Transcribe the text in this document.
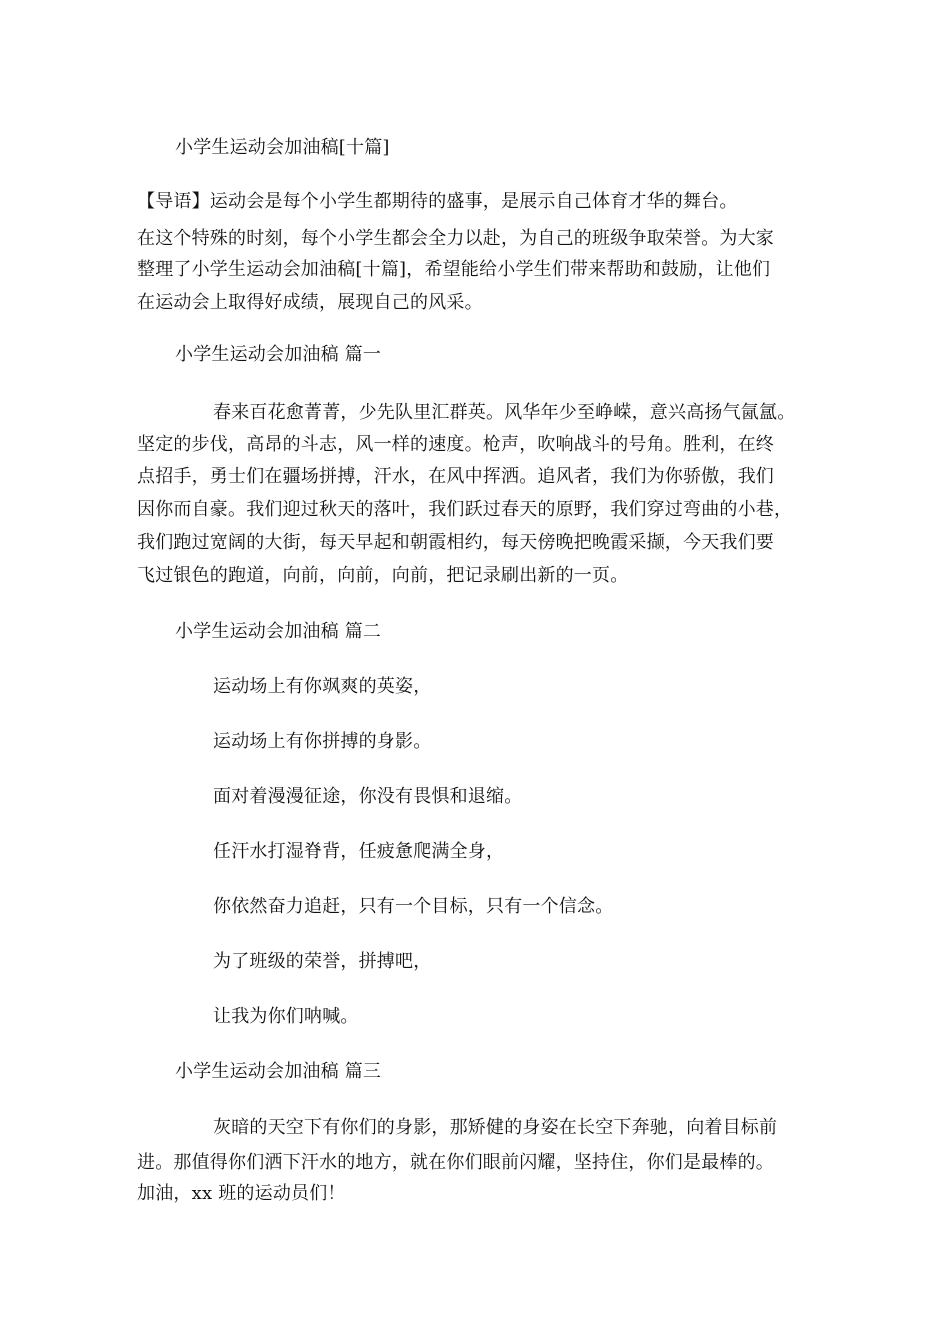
小学生运动会加油稿[十篇]
【导语】运动会是每个小学生都期待的盛事，是展示自己体育才华的舞台。
在这个特殊的时刻，每个小学生都会全力以赴，为自己的班级争取荣誉。为大家
整理了小学生运动会加油稿[十篇]，希望能给小学生们带来帮助和鼓励，让他们
在运动会上取得好成绩，展现自己的风采。
小学生运动会加油稿 篇一
春来百花愈菁菁，少先队里汇群英。风华年少至峥嵘，意兴高扬气氤氲。
坚定的步伐，高昂的斗志，风一样的速度。枪声，吹响战斗的号角。胜利，在终
点招手，勇士们在疆场拼搏，汗水，在风中挥洒。追风者，我们为你骄傲，我们
因你而自豪。我们迎过秋天的落叶，我们跃过春天的原野，我们穿过弯曲的小巷，
我们跑过宽阔的大街，每天早起和朝霞相约，每天傍晚把晚霞采撷，今天我们要
飞过银色的跑道，向前，向前，向前，把记录刷出新的一页。
小学生运动会加油稿 篇二
运动场上有你飒爽的英姿，
运动场上有你拼搏的身影。
面对着漫漫征途，你没有畏惧和退缩。
任汗水打湿脊背，任疲惫爬满全身，
你依然奋力追赶，只有一个目标，只有一个信念。
为了班级的荣誉，拼搏吧，
让我为你们呐喊。
小学生运动会加油稿 篇三
灰暗的天空下有你们的身影，那矫健的身姿在长空下奔驰，向着目标前
进。那值得你们洒下汗水的地方，就在你们眼前闪耀，坚持住，你们是最棒的。
加油，xx 班的运动员们！
